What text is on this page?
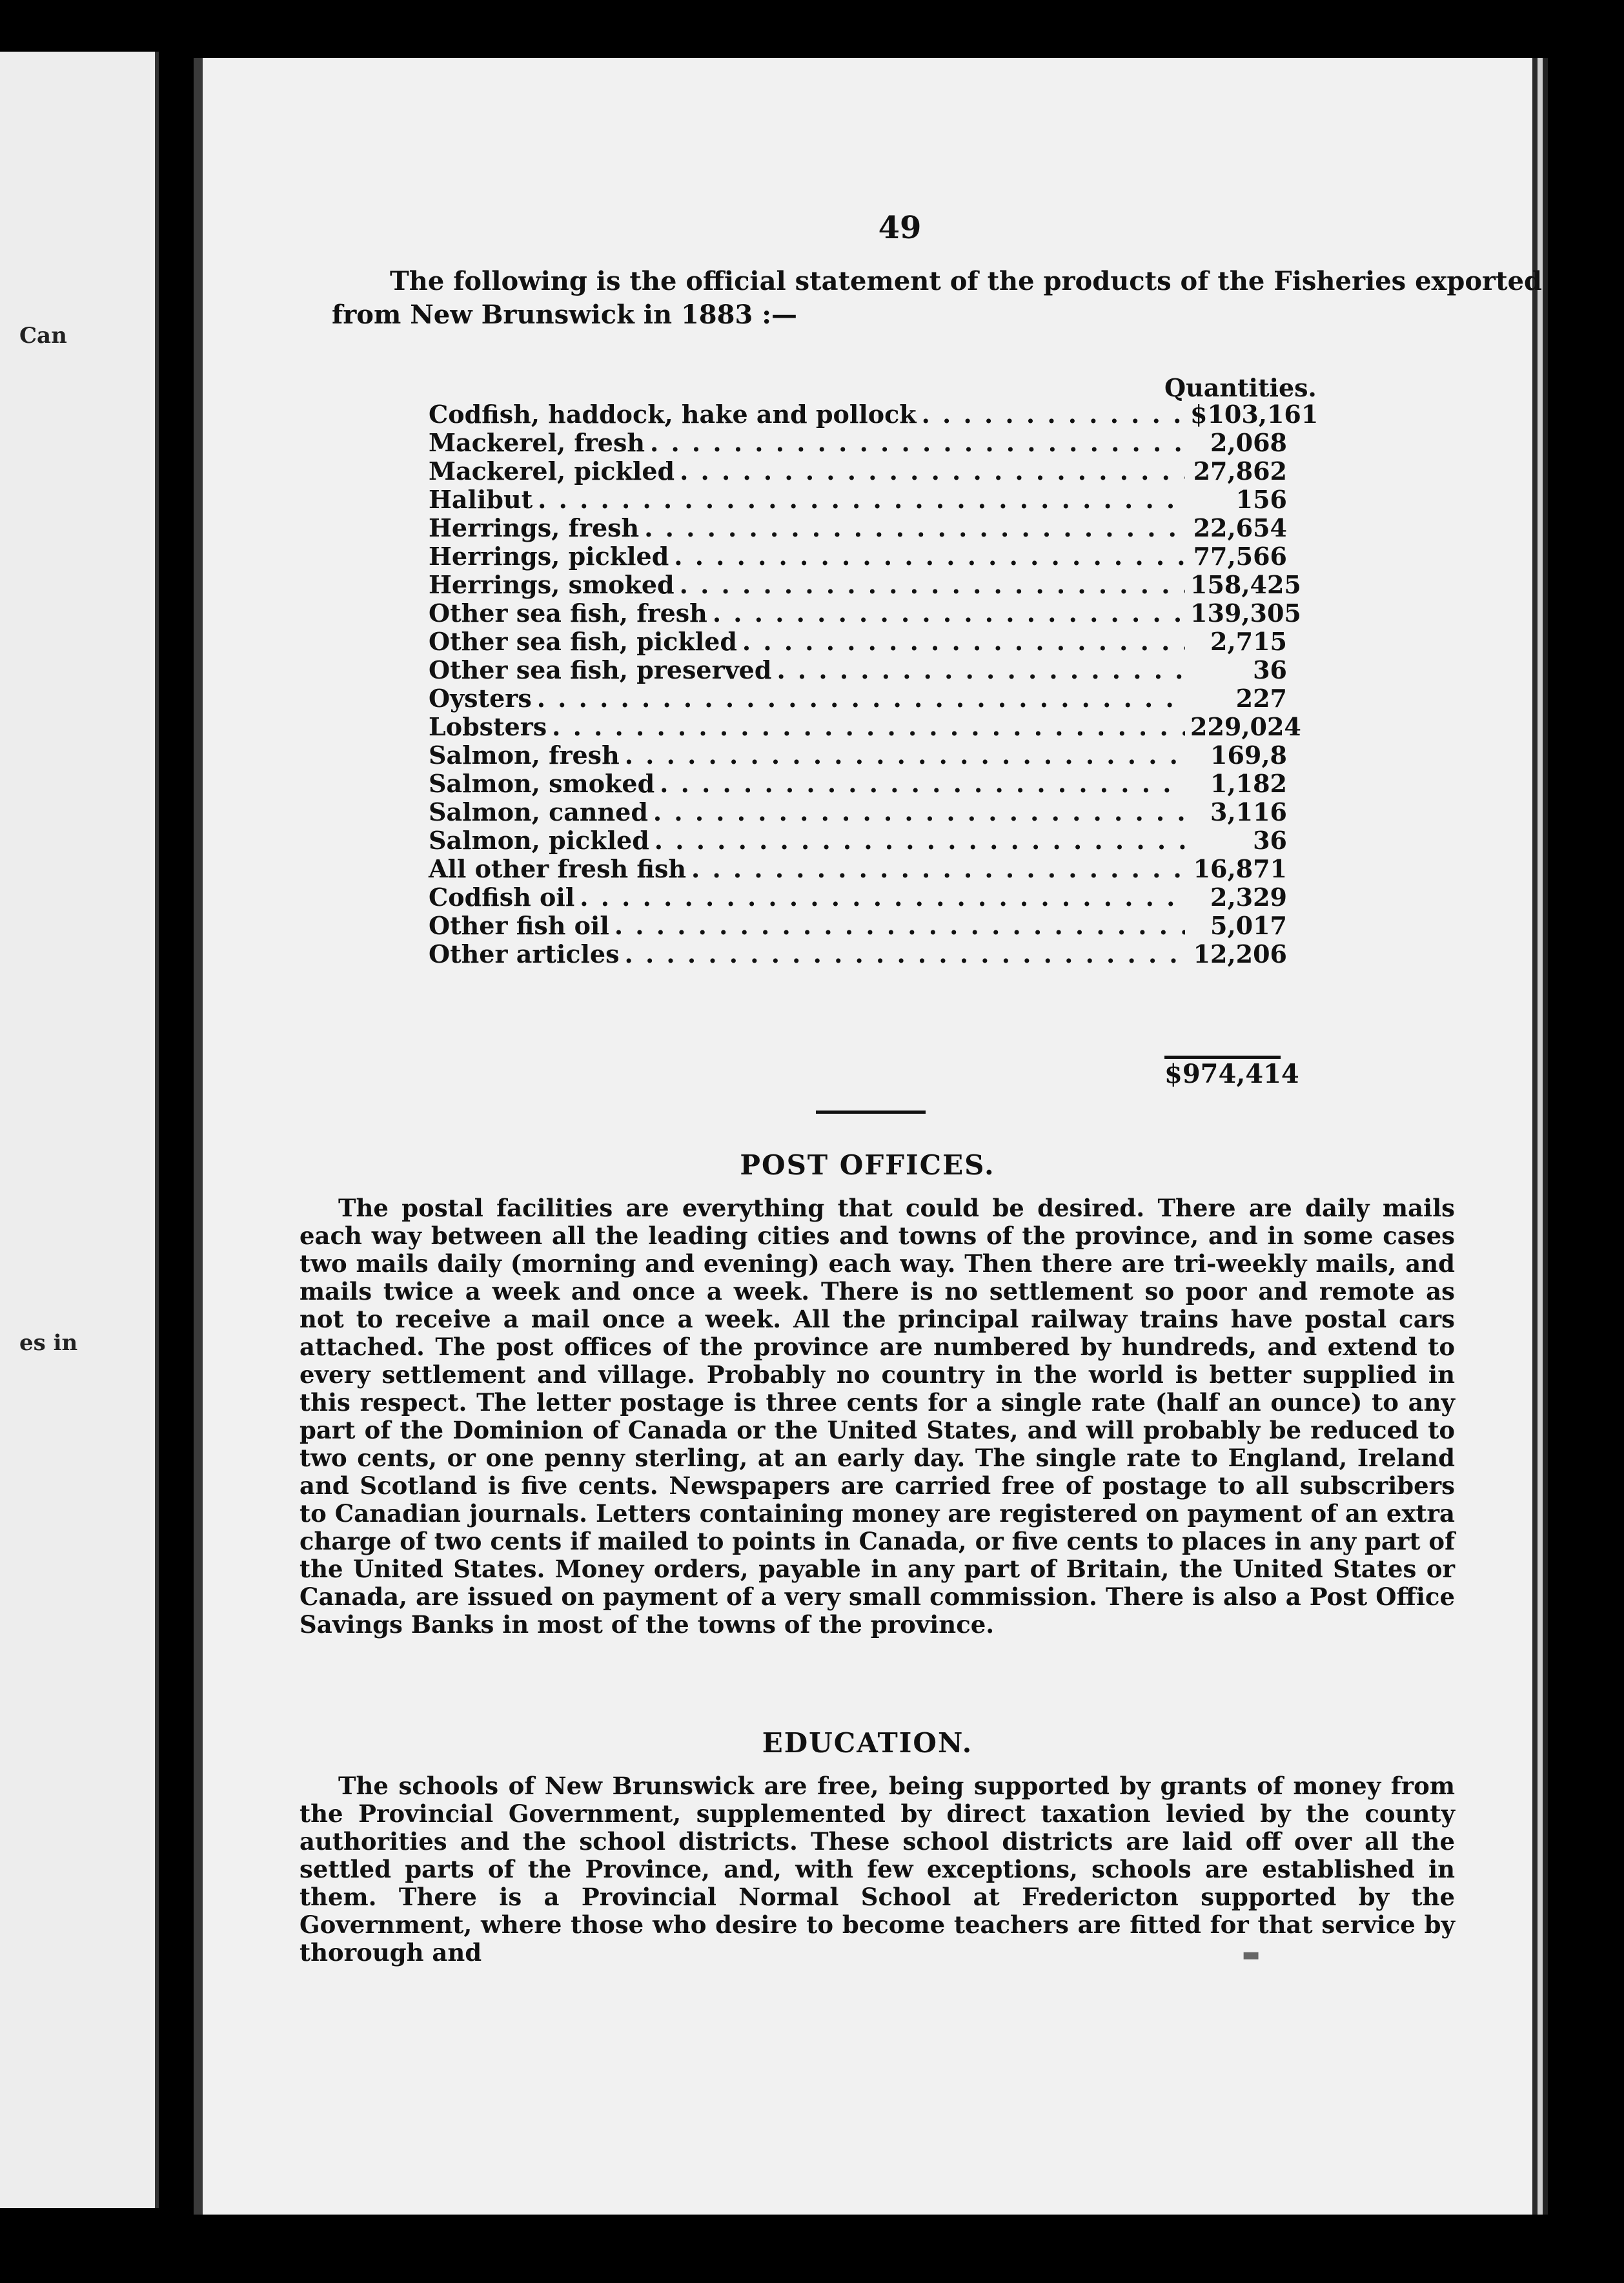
Can
es in
49
The following is the official statement of the products of the Fisheries exported
from New Brunswick in 1883 :—
Quantities.
Codfish, haddock, hake and pollock . . .	$103,161
Mackerel, fresh . . .	2,068
Mackerel, pickled . . .	27,862
Halibut . . .	156
Herrings, fresh . . .	22,654
Herrings, pickled . . .	77,566
Herrings, smoked . . .	158,425
Other sea fish, fresh . . .	139,305
Other sea fish, pickled . . .	2,715
Other sea fish, preserved . . .	36
Oysters . . .	227
Lobsters . . .	229,024
Salmon, fresh . . .	169,8
Salmon, smoked . . .	1,182
Salmon, canned . . .	3,116
Salmon, pickled . . .	36
All other fresh fish . . .	16,871
Codfish oil . . .	2,329
Other fish oil . . .	5,017
Other articles . . .	12,206
$974,414
POST OFFICES.

The postal facilities are everything that could be desired. There are daily mails each way between all the leading cities and towns of the province, and in some cases two mails daily (morning and evening) each way. Then there are tri-weekly mails, and mails twice a week and once a week. There is no settlement so poor and remote as not to receive a mail once a week. All the principal railway trains have postal cars attached. The post offices of the province are numbered by hundreds, and extend to every settlement and village. Probably no country in the world is better supplied in this respect. The letter postage is three cents for a single rate (half an ounce) to any part of the Dominion of Canada or the United States, and will probably be reduced to two cents, or one penny sterling, at an early day. The single rate to England, Ireland and Scotland is five cents. Newspapers are carried free of postage to all subscribers to Canadian journals. Letters containing money are registered on payment of an extra charge of two cents if mailed to points in Canada, or five cents to places in any part of the United States. Money orders, payable in any part of Britain, the United States or Canada, are issued on payment of a very small commission. There is also a Post Office Savings Banks in most of the towns of the province.

EDUCATION.

The schools of New Brunswick are free, being supported by grants of money from the Provincial Government, supplemented by direct taxation levied by the county authorities and the school districts. These school districts are laid off over all the settled parts of the Province, and, with few exceptions, schools are established in them. There is a Provincial Normal School at Fredericton supported by the Government, where those who desire to become teachers are fitted for that service by thorough and	▬
